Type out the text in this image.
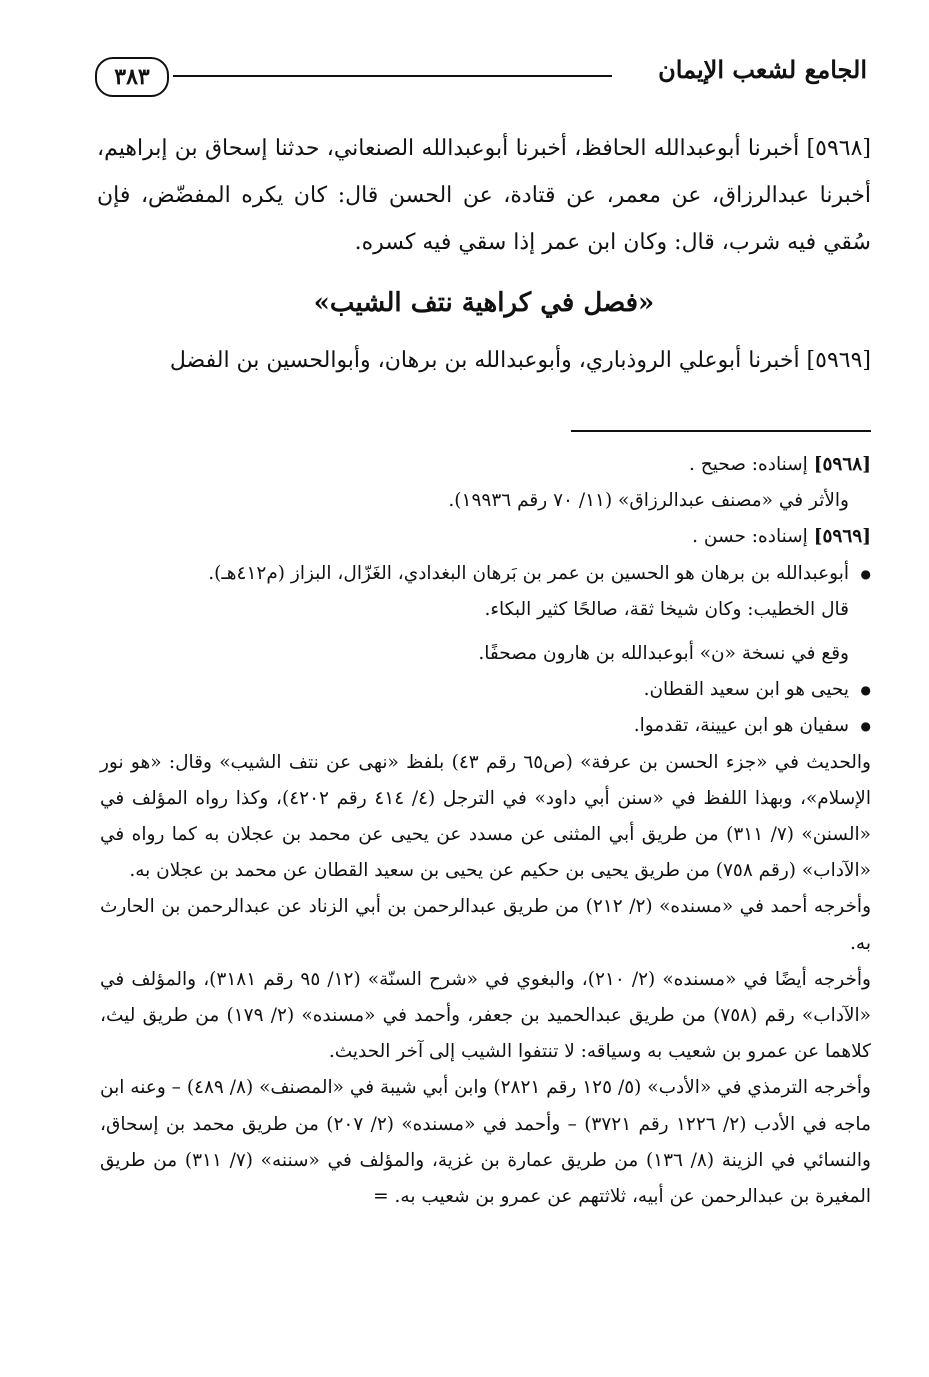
الجامع لشعب الإيمان
٣٨٣

[٥٩٦٨] أخبرنا أبوعبدالله الحافظ، أخبرنا أبوعبدالله الصنعاني، حدثنا إسحاق بن إبراهيم، أخبرنا عبدالرزاق، عن معمر، عن قتادة، عن الحسن قال: كان يكره المفضّض، فإن سُقي فيه شرب، قال: وكان ابن عمر إذا سقي فيه كسره.

«فصل في كراهية نتف الشيب»

[٥٩٦٩] أخبرنا أبوعلي الروذباري، وأبوعبدالله بن برهان، وأبوالحسين بن الفضل

[٥٩٦٨] إسناده: صحيح .

والأثر في «مصنف عبدالرزاق» (١١/ ٧٠ رقم ١٩٩٣٦).

[٥٩٦٩] إسناده: حسن .

● أبوعبدالله بن برهان هو الحسين بن عمر بن بَرهان البغدادي، الغَزّال، البزاز (م٤١٢هـ).

قال الخطيب: وكان شيخا ثقة، صالحًا كثير البكاء.

وقع في نسخة «ن» أبوعبدالله بن هارون مصحفًا.

● يحيى هو ابن سعيد القطان.

● سفيان هو ابن عيينة، تقدموا.

والحديث في «جزء الحسن بن عرفة» (ص٦٥ رقم ٤٣) بلفظ «نهى عن نتف الشيب» وقال: «هو نور الإسلام»، وبهذا اللفظ في «سنن أبي داود» في الترجل (٤/ ٤١٤ رقم ٤٢٠٢)، وكذا رواه المؤلف في «السنن» (٧/ ٣١١) من طريق أبي المثنى عن مسدد عن يحيى عن محمد بن عجلان به كما رواه في «الآداب» (رقم ٧٥٨) من طريق يحيى بن حكيم عن يحيى بن سعيد القطان عن محمد بن عجلان به.

وأخرجه أحمد في «مسنده» (٢/ ٢١٢) من طريق عبدالرحمن بن أبي الزناد عن عبدالرحمن بن الحارث به.

وأخرجه أيضًا في «مسنده» (٢/ ٢١٠)، والبغوي في «شرح السنّة» (١٢/ ٩٥ رقم ٣١٨١)، والمؤلف في «الآداب» رقم (٧٥٨) من طريق عبدالحميد بن جعفر، وأحمد في «مسنده» (٢/ ١٧٩) من طريق ليث، كلاهما عن عمرو بن شعيب به وسياقه: لا تنتفوا الشيب إلى آخر الحديث.

وأخرجه الترمذي في «الأدب» (٥/ ١٢٥ رقم ٢٨٢١) وابن أبي شيبة في «المصنف» (٨/ ٤٨٩) – وعنه ابن ماجه في الأدب (٢/ ١٢٢٦ رقم ٣٧٢١) – وأحمد في «مسنده» (٢/ ٢٠٧) من طريق محمد بن إسحاق، والنسائي في الزينة (٨/ ١٣٦) من طريق عمارة بن غزية، والمؤلف في «سننه» (٧/ ٣١١) من طريق المغيرة بن عبدالرحمن عن أبيه، ثلاثتهم عن عمرو بن شعيب به. =
